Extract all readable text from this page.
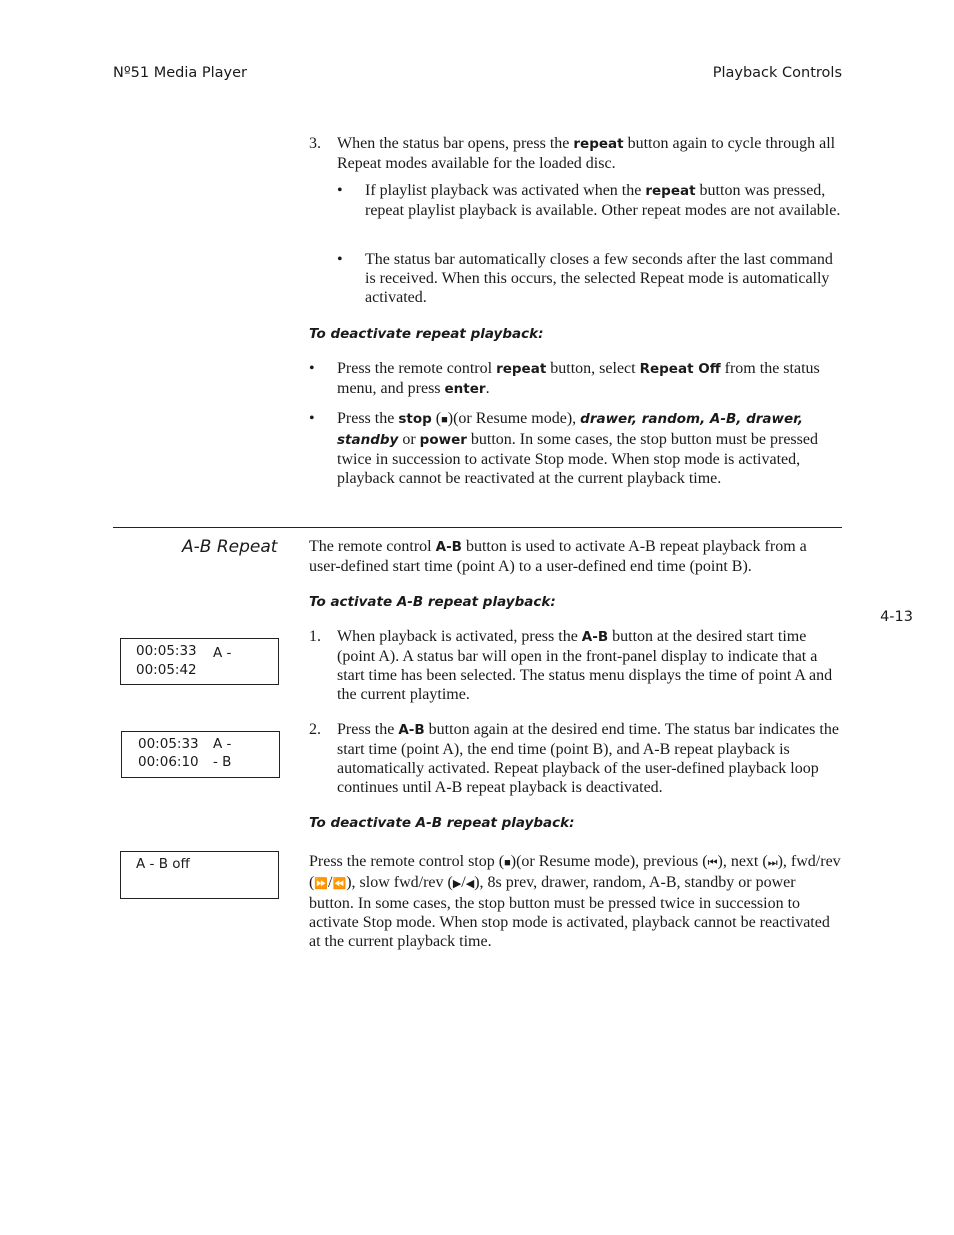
Nº51 Media Player	Playback Controls
3. When the status bar opens, press the repeat button again to cycle through all Repeat modes available for the loaded disc.
• If playlist playback was activated when the repeat button was pressed, repeat playlist playback is available. Other repeat modes are not available.
• The status bar automatically closes a few seconds after the last command is received. When this occurs, the selected Repeat mode is automatically activated.
To deactivate repeat playback:
• Press the remote control repeat button, select Repeat Off from the status menu, and press enter.
• Press the stop (■)(or Resume mode), drawer, random, A-B, drawer, standby or power button. In some cases, the stop button must be pressed twice in succession to activate Stop mode. When stop mode is activated, playback cannot be reactivated at the current playback time.
A-B Repeat The remote control A-B button is used to activate A-B repeat playback from a user-defined start time (point A) to a user-defined end time (point B).
To activate A-B repeat playback:
1. When playback is activated, press the A-B button at the desired start time (point A). A status bar will open in the front-panel display to indicate that a start time has been selected. The status menu displays the time of point A and the current playtime.
2. Press the A-B button again at the desired end time. The status bar indicates the start time (point A), the end time (point B), and A-B repeat playback is automatically activated. Repeat playback of the user-defined playback loop continues until A-B repeat playback is deactivated.
To deactivate A-B repeat playback:
Press the remote control stop (■)(or Resume mode), previous (⏮), next (⏭), fwd/rev (⏩/⏪), slow fwd/rev (▶/◀), 8s prev, drawer, random, A-B, standby or power button. In some cases, the stop button must be pressed twice in succession to activate Stop mode. When stop mode is activated, playback cannot be reactivated at the current playback time.
00:05:33 A -
00:05:42
00:05:33 A -
00:06:10 - B
A - B off
4-13
